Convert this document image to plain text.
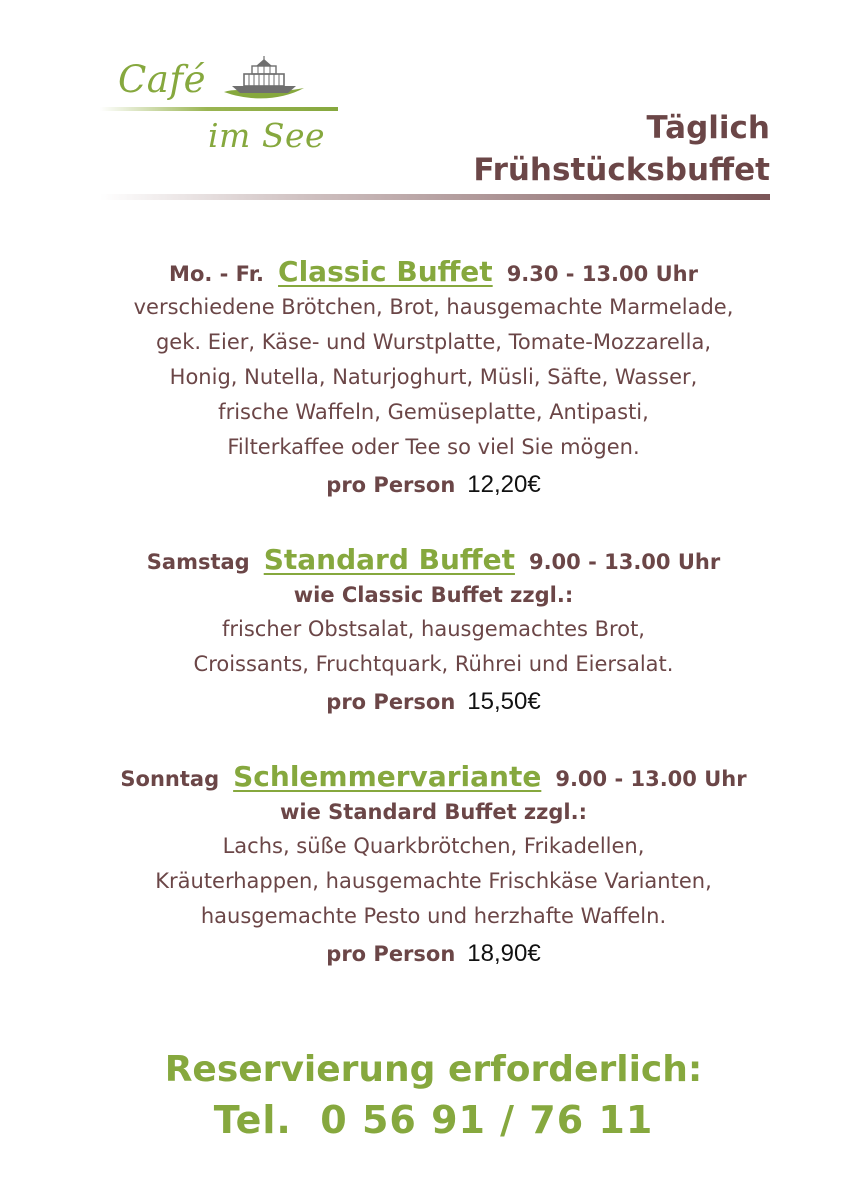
Café
im See	Täglich
Frühstücksbuffet
Mo. - Fr. Classic Buffet 9.30 - 13.00 Uhr
verschiedene Brötchen, Brot, hausgemachte Marmelade,
gek. Eier, Käse- und Wurstplatte, Tomate-Mozzarella,
Honig, Nutella, Naturjoghurt, Müsli, Säfte, Wasser,
frische Waffeln, Gemüseplatte, Antipasti,
Filterkaffee oder Tee so viel Sie mögen.
pro Person 12,20€
Samstag Standard Buffet 9.00 - 13.00 Uhr
wie Classic Buffet zzgl.:
frischer Obstsalat, hausgemachtes Brot,
Croissants, Fruchtquark, Rührei und Eiersalat.
pro Person 15,50€
Sonntag Schlemmervariante 9.00 - 13.00 Uhr
wie Standard Buffet zzgl.:
Lachs, süße Quarkbrötchen, Frikadellen,
Kräuterhappen, hausgemachte Frischkäse Varianten,
hausgemachte Pesto und herzhafte Waffeln.
pro Person 18,90€
Reservierung erforderlich:
Tel.  0 56 91 / 76 11
